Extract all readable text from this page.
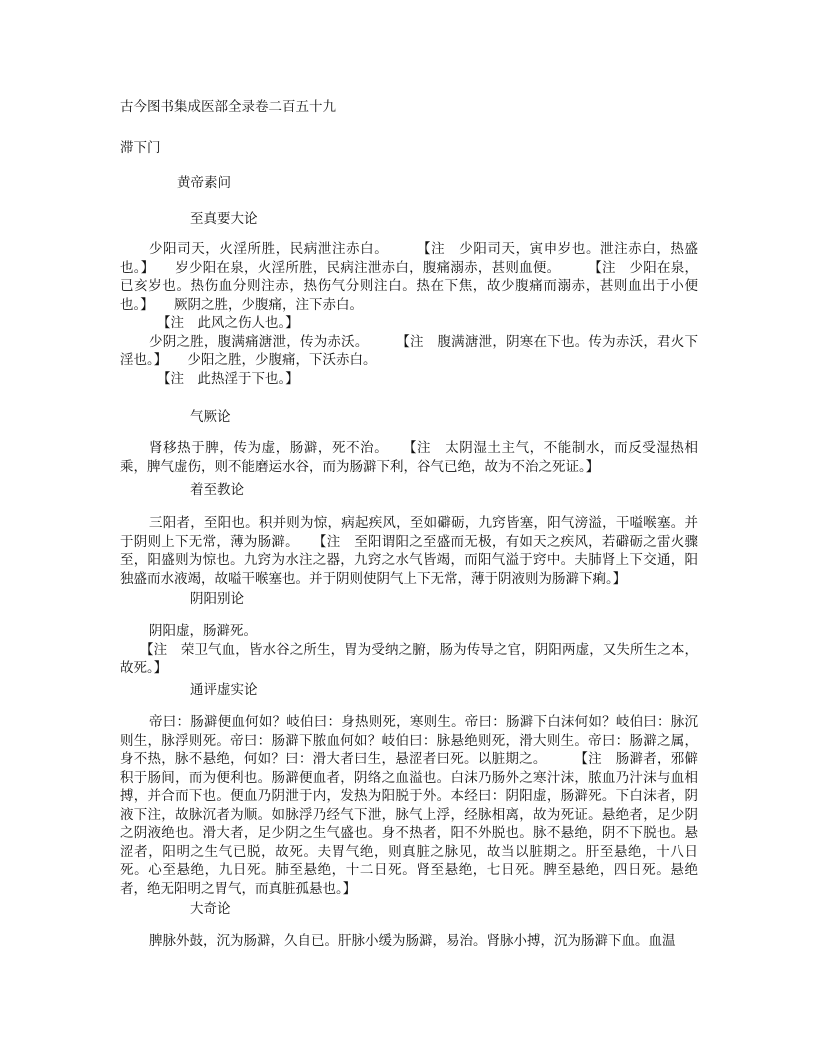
古今图书集成医部全录卷二百五十九
滞下门
黄帝素问
至真要大论

少阳司天，火淫所胜，民病泄注赤白。　　　【注　少阳司天，寅申岁也。泄注赤白，热盛也。】　　岁少阳在泉，火淫所胜，民病注泄赤白，腹痛溺赤，甚则血便。　　　【注　少阳在泉，已亥岁也。热伤血分则注赤，热伤气分则注白。热在下焦，故少腹痛而溺赤，甚则血出于小便也。】　　厥阴之胜，少腹痛，注下赤白。

【注　此风之伤人也。】

少阴之胜，腹满痛溏泄，传为赤沃。　　　【注　腹满溏泄，阴寒在下也。传为赤沃，君火下淫也。】　　少阳之胜，少腹痛，下沃赤白。

【注　此热淫于下也。】

气厥论
肾移热于脾，传为虚，肠澼，死不治。　　【注　太阴湿土主气，不能制水，而反受湿热相乘，脾气虚伤，则不能磨运水谷，而为肠澼下利，谷气已绝，故为不治之死证。】
着至教论
三阳者，至阳也。积并则为惊，病起疾风，至如礔砺，九窍皆塞，阳气滂溢，干嗌喉塞。并于阴则上下无常，薄为肠澼。　　【注　至阳谓阳之至盛而无极，有如天之疾风，若礔砺之雷火骤至，阳盛则为惊也。九窍为水注之器，九窍之水气皆竭，而阳气溢于窍中。夫肺肾上下交通，阳独盛而水液竭，故嗌干喉塞也。并于阴则使阴气上下无常，薄于阴液则为肠澼下痢。】
阴阳别论

阴阳虚，肠澼死。

【注　荣卫气血，皆水谷之所生，胃为受纳之腑，肠为传导之官，阴阳两虚，又失所生之本，故死。】

通评虚实论
帝曰：肠澼便血何如？岐伯曰：身热则死，寒则生。帝曰：肠澼下白沫何如？岐伯曰：脉沉则生，脉浮则死。帝曰：肠澼下脓血何如？岐伯曰：脉悬绝则死，滑大则生。帝曰：肠澼之属，身不热，脉不悬绝，何如？曰：滑大者曰生，悬涩者曰死。以脏期之。　　　【注　肠澼者，邪僻积于肠间，而为便利也。肠澼便血者，阴络之血溢也。白沫乃肠外之寒汁沫，脓血乃汁沫与血相搏，并合而下也。便血乃阴泄于内，发热为阳脱于外。本经曰：阴阳虚，肠澼死。下白沫者，阴液下注，故脉沉者为顺。如脉浮乃经气下泄，脉气上浮，经脉相离，故为死证。悬绝者，足少阴之阴液绝也。滑大者，足少阴之生气盛也。身不热者，阳不外脱也。脉不悬绝，阴不下脱也。悬涩者，阳明之生气已脱，故死。夫胃气绝，则真脏之脉见，故当以脏期之。肝至悬绝，十八日死。心至悬绝，九日死。肺至悬绝，十二日死。肾至悬绝，七日死。脾至悬绝，四日死。悬绝者，绝无阳明之胃气，而真脏孤悬也。】
大奇论
脾脉外鼓，沉为肠澼，久自已。肝脉小缓为肠澼，易治。肾脉小搏，沉为肠澼下血。血温
